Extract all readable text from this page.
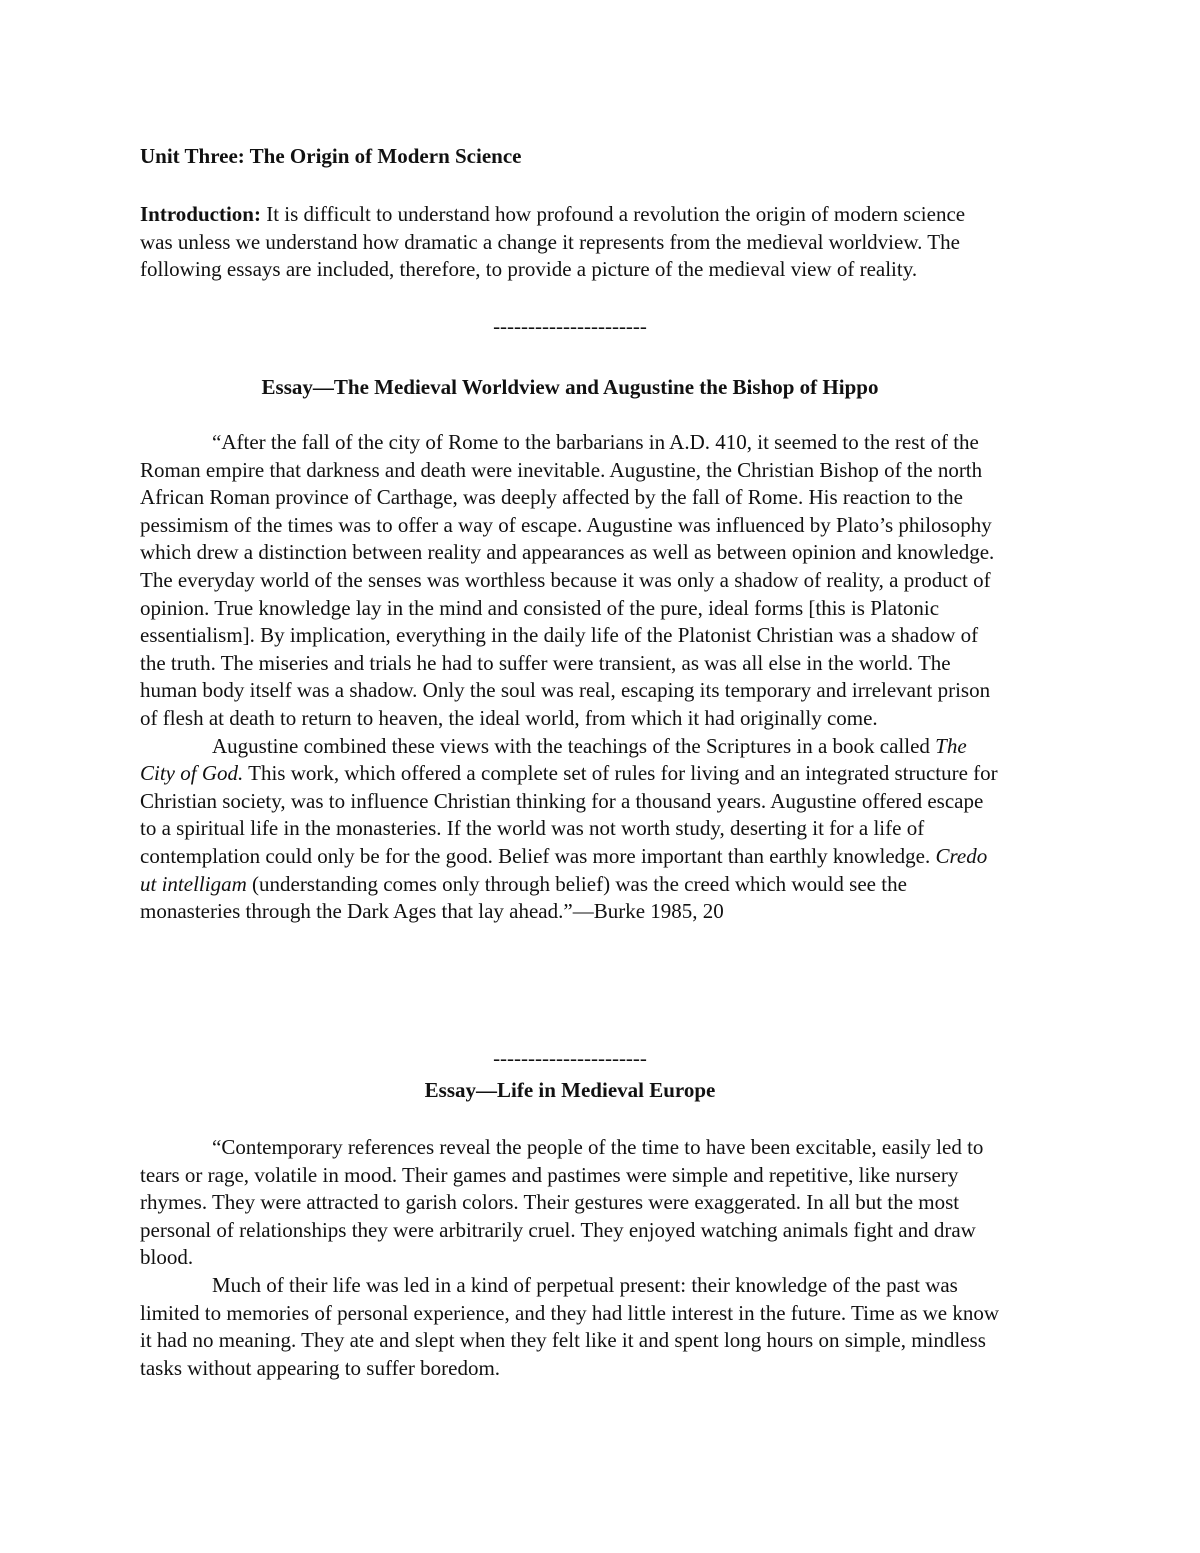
Unit Three: The Origin of Modern Science

Introduction: It is difficult to understand how profound a revolution the origin of modern science was unless we understand how dramatic a change it represents from the medieval worldview. The following essays are included, therefore, to provide a picture of the medieval view of reality.

----------------------
Essay—The Medieval Worldview and Augustine the Bishop of Hippo

“After the fall of the city of Rome to the barbarians in A.D. 410, it seemed to the rest of the Roman empire that darkness and death were inevitable. Augustine, the Christian Bishop of the north African Roman province of Carthage, was deeply affected by the fall of Rome. His reaction to the pessimism of the times was to offer a way of escape. Augustine was influenced by Plato’s philosophy which drew a distinction between reality and appearances as well as between opinion and knowledge. The everyday world of the senses was worthless because it was only a shadow of reality, a product of opinion. True knowledge lay in the mind and consisted of the pure, ideal forms [this is Platonic essentialism]. By implication, everything in the daily life of the Platonist Christian was a shadow of the truth. The miseries and trials he had to suffer were transient, as was all else in the world. The human body itself was a shadow. Only the soul was real, escaping its temporary and irrelevant prison of flesh at death to return to heaven, the ideal world, from which it had originally come.

Augustine combined these views with the teachings of the Scriptures in a book called The City of God. This work, which offered a complete set of rules for living and an integrated structure for Christian society, was to influence Christian thinking for a thousand years. Augustine offered escape to a spiritual life in the monasteries. If the world was not worth study, deserting it for a life of contemplation could only be for the good. Belief was more important than earthly knowledge. Credo ut intelligam (understanding comes only through belief) was the creed which would see the monasteries through the Dark Ages that lay ahead.”—Burke 1985, 20

----------------------
Essay—Life in Medieval Europe

“Contemporary references reveal the people of the time to have been excitable, easily led to tears or rage, volatile in mood. Their games and pastimes were simple and repetitive, like nursery rhymes. They were attracted to garish colors. Their gestures were exaggerated. In all but the most personal of relationships they were arbitrarily cruel. They enjoyed watching animals fight and draw blood.

Much of their life was led in a kind of perpetual present: their knowledge of the past was limited to memories of personal experience, and they had little interest in the future. Time as we know it had no meaning. They ate and slept when they felt like it and spent long hours on simple, mindless tasks without appearing to suffer boredom.
